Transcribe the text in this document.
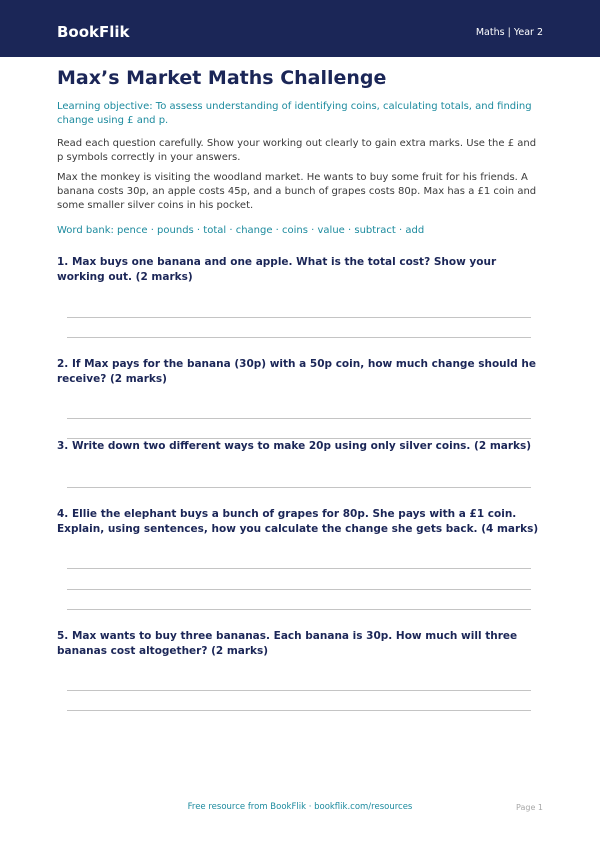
BookFlik	Maths | Year 2
Max’s Market Maths Challenge
Learning objective: To assess understanding of identifying coins, calculating totals, and finding change using £ and p.
Read each question carefully. Show your working out clearly to gain extra marks. Use the £ and p symbols correctly in your answers.
Max the monkey is visiting the woodland market. He wants to buy some fruit for his friends. A banana costs 30p, an apple costs 45p, and a bunch of grapes costs 80p. Max has a £1 coin and some smaller silver coins in his pocket.
Word bank: pence · pounds · total · change · coins · value · subtract · add
1. Max buys one banana and one apple. What is the total cost? Show your working out. (2 marks)
2. If Max pays for the banana (30p) with a 50p coin, how much change should he receive? (2 marks)
3. Write down two different ways to make 20p using only silver coins. (2 marks)
4. Ellie the elephant buys a bunch of grapes for 80p. She pays with a £1 coin. Explain, using sentences, how you calculate the change she gets back. (4 marks)
5. Max wants to buy three bananas. Each banana is 30p. How much will three bananas cost altogether? (2 marks)
Free resource from BookFlik · bookflik.com/resources	Page 1
